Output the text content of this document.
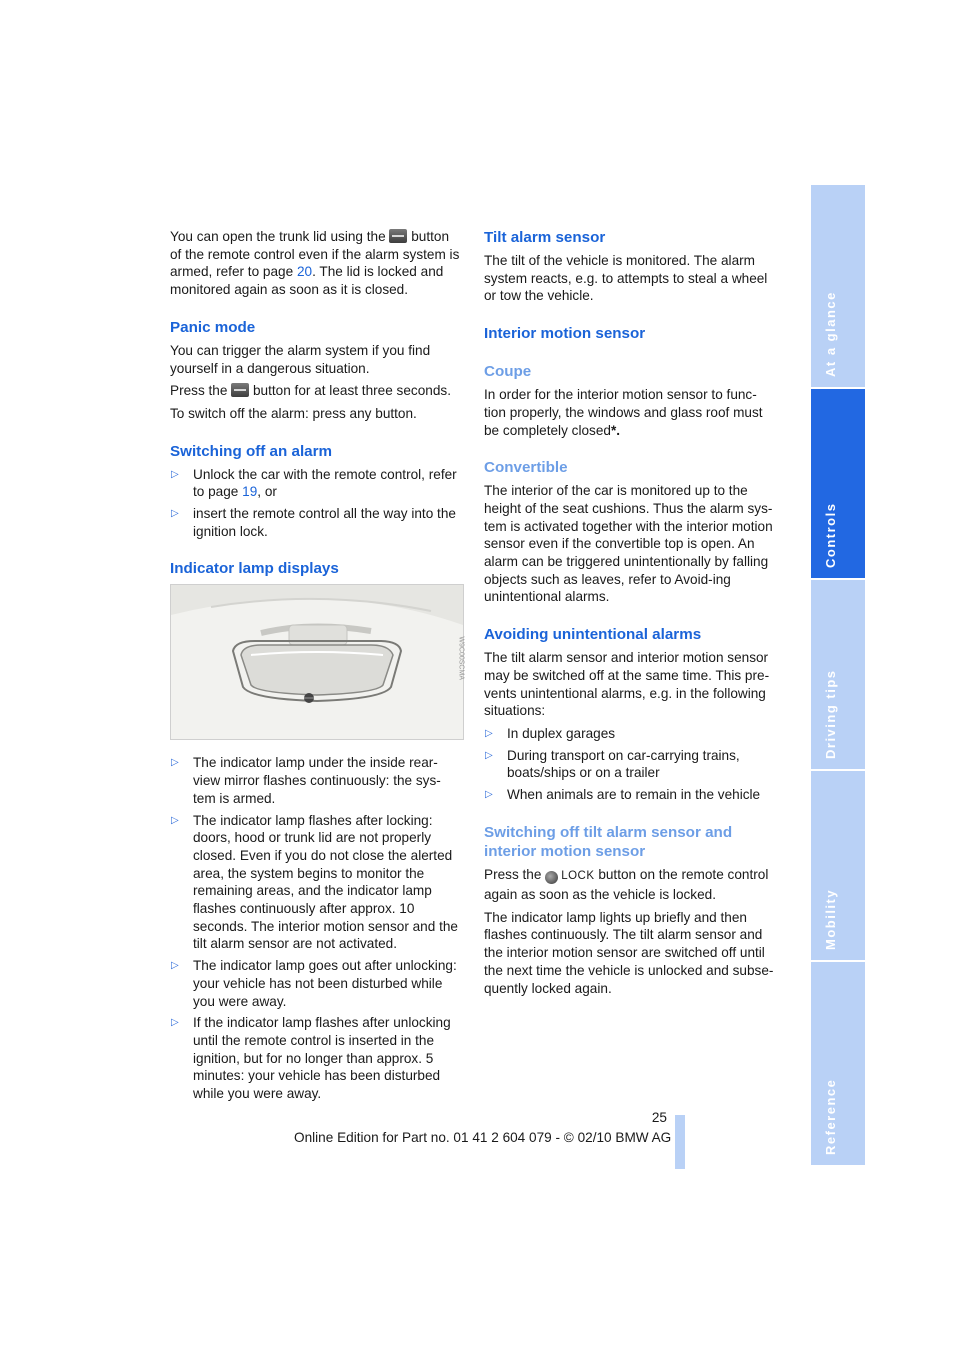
You can open the trunk lid using the button of the remote control even if the alarm system is armed, refer to page 20. The lid is locked and monitored again as soon as it is closed.

Panic mode

You can trigger the alarm system if you find yourself in a dangerous situation.

Press the button for at least three seconds.

To switch off the alarm: press any button.

Switching off an alarm
▷ Unlock the car with the remote control, refer to page 19, or
▷ insert the remote control all the way into the ignition lock.
Indicator lamp displays
W9C00SCMA
▷ The indicator lamp under the inside rear-view mirror flashes continuously: the sys-tem is armed.
▷ The indicator lamp flashes after locking: doors, hood or trunk lid are not properly closed. Even if you do not close the alerted area, the system begins to monitor the remaining areas, and the indicator lamp flashes continuously after approx. 10 seconds. The interior motion sensor and the tilt alarm sensor are not activated.
▷ The indicator lamp goes out after unlocking: your vehicle has not been disturbed while you were away.
▷ If the indicator lamp flashes after unlocking until the remote control is inserted in the ignition, but for no longer than approx. 5 minutes: your vehicle has been disturbed while you were away.
Tilt alarm sensor

The tilt of the vehicle is monitored. The alarm system reacts, e.g. to attempts to steal a wheel or tow the vehicle.

Interior motion sensor
Coupe

In order for the interior motion sensor to func-tion properly, the windows and glass roof must be completely closed*.

Convertible

The interior of the car is monitored up to the height of the seat cushions. Thus the alarm sys-tem is activated together with the interior motion sensor even if the convertible top is open. An alarm can be triggered unintentionally by falling objects such as leaves, refer to Avoid-ing unintentional alarms.

Avoiding unintentional alarms

The tilt alarm sensor and interior motion sensor may be switched off at the same time. This pre-vents unintentional alarms, e.g. in the following situations:

▷ In duplex garages
▷ During transport on car-carrying trains, boats/ships or on a trailer
▷ When animals are to remain in the vehicle
Switching off tilt alarm sensor and interior motion sensor

Press the LOCK button on the remote control again as soon as the vehicle is locked.

The indicator lamp lights up briefly and then flashes continuously. The tilt alarm sensor and the interior motion sensor are switched off until the next time the vehicle is unlocked and subse-quently locked again.

At a glance
Controls
Driving tips
Mobility
Reference
25
Online Edition for Part no. 01 41 2 604 079 - © 02/10 BMW AG
